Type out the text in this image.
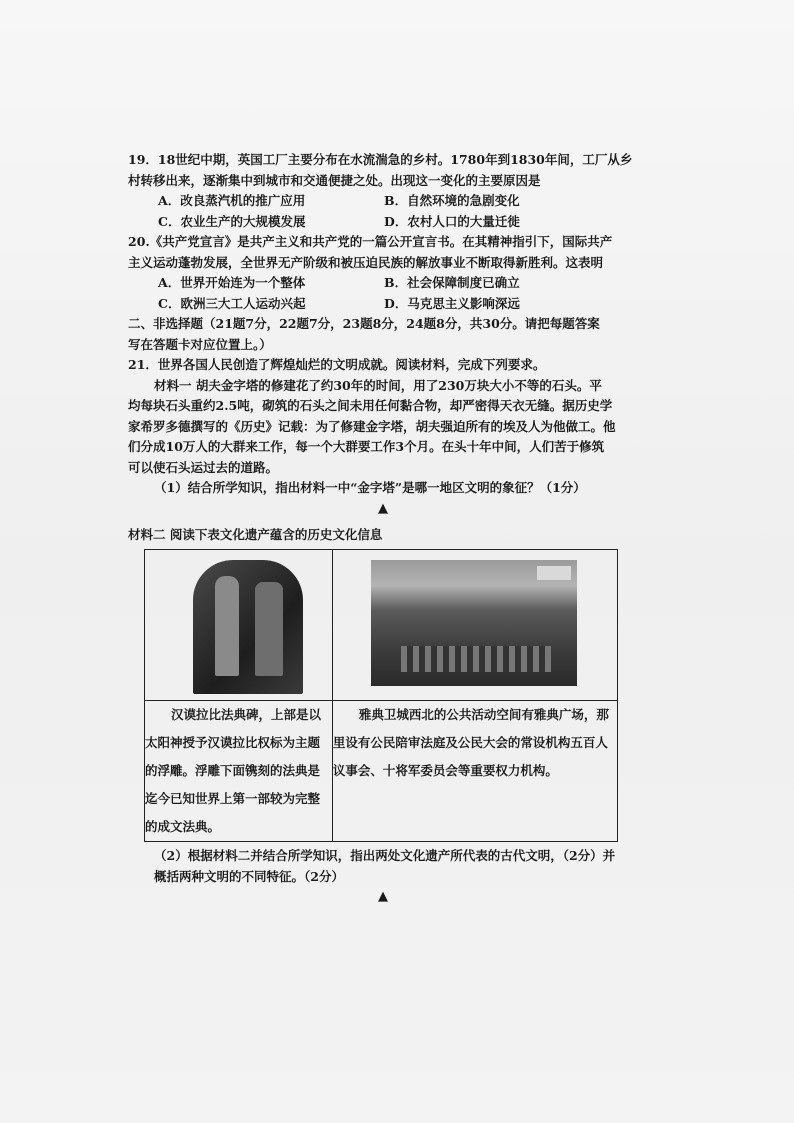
19．18世纪中期，英国工厂主要分布在水流湍急的乡村。1780年到1830年间，工厂从乡
村转移出来，逐渐集中到城市和交通便捷之处。出现这一变化的主要原因是
A．改良蒸汽机的推广应用	B．自然环境的急剧变化
C．农业生产的大规模发展	D．农村人口的大量迁徙
20.《共产党宣言》是共产主义和共产党的一篇公开宣言书。在其精神指引下，国际共产
主义运动蓬勃发展，全世界无产阶级和被压迫民族的解放事业不断取得新胜利。这表明
A．世界开始连为一个整体	B．社会保障制度已确立
C．欧洲三大工人运动兴起	D．马克思主义影响深远
二、非选择题（21题7分，22题7分，23题8分，24题8分，共30分。请把每题答案
写在答题卡对应位置上。）
21．世界各国人民创造了辉煌灿烂的文明成就。阅读材料，完成下列要求。
材料一 胡夫金字塔的修建花了约30年的时间，用了230万块大小不等的石头。平
均每块石头重约2.5吨，砌筑的石头之间未用任何黏合物，却严密得天衣无缝。据历史学
家希罗多德撰写的《历史》记载：为了修建金字塔，胡夫强迫所有的埃及人为他做工。他
们分成10万人的大群来工作，每一个大群要工作3个月。在头十年中间，人们苦于修筑
可以使石头运过去的道路。
（1）结合所学知识，指出材料一中“金字塔”是哪一地区文明的象征？（1分）
▲
材料二 阅读下表文化遗产蕴含的历史文化信息

汉谟拉比法典碑，上部是以太阳神授予汉谟拉比权标为主题的浮雕。浮雕下面镌刻的法典是迄今已知世界上第一部较为完整的成文法典。	雅典卫城西北的公共活动空间有雅典广场，那里设有公民陪审法庭及公民大会的常设机构五百人议事会、十将军委员会等重要权力机构。
（2）根据材料二并结合所学知识，指出两处文化遗产所代表的古代文明，（2分）并
概括两种文明的不同特征。（2分）
▲
